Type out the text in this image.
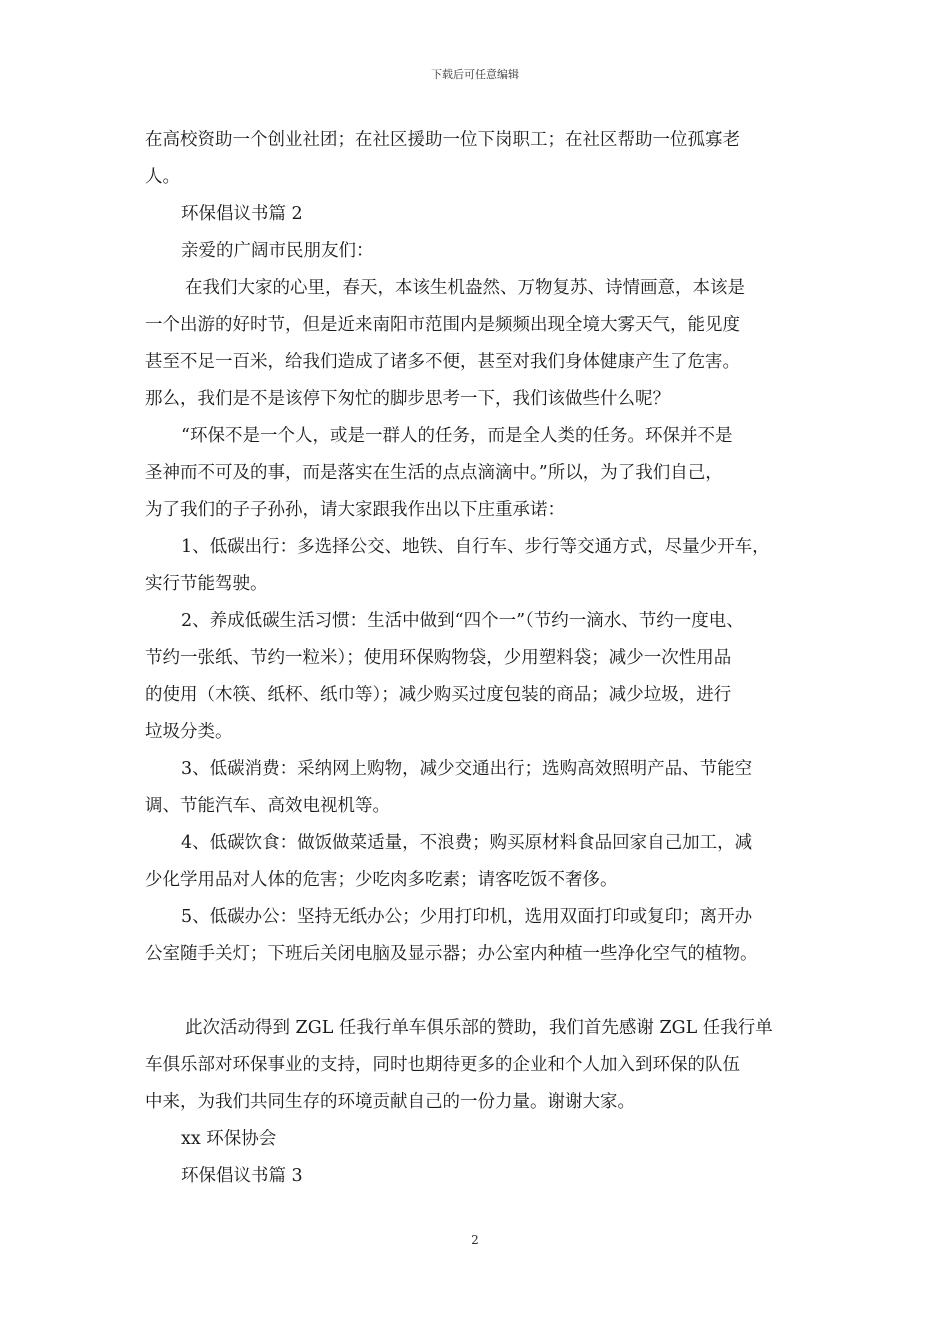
下载后可任意编辑
在高校资助一个创业社团；在社区援助一位下岗职工；在社区帮助一位孤寡老
人。
环保倡议书篇 2
亲爱的广阔市民朋友们：
在我们大家的心里，春天，本该生机盎然、万物复苏、诗情画意，本该是
一个出游的好时节，但是近来南阳市范围内是频频出现全境大雾天气，能见度
甚至不足一百米，给我们造成了诸多不便，甚至对我们身体健康产生了危害。
那么，我们是不是该停下匆忙的脚步思考一下，我们该做些什么呢？
“环保不是一个人，或是一群人的任务，而是全人类的任务。环保并不是
圣神而不可及的事，而是落实在生活的点点滴滴中。”所以，为了我们自己，
为了我们的子子孙孙，请大家跟我作出以下庄重承诺：
1、低碳出行：多选择公交、地铁、自行车、步行等交通方式，尽量少开车，
实行节能驾驶。
2、养成低碳生活习惯：生活中做到“四个一”（节约一滴水、节约一度电、
节约一张纸、节约一粒米）；使用环保购物袋，少用塑料袋；减少一次性用品
的使用（木筷、纸杯、纸巾等）；减少购买过度包装的商品；减少垃圾，进行
垃圾分类。
3、低碳消费：采纳网上购物，减少交通出行；选购高效照明产品、节能空
调、节能汽车、高效电视机等。
4、低碳饮食：做饭做菜适量，不浪费；购买原材料食品回家自己加工，减
少化学用品对人体的危害；少吃肉多吃素；请客吃饭不奢侈。
5、低碳办公：坚持无纸办公；少用打印机，选用双面打印或复印；离开办
公室随手关灯；下班后关闭电脑及显示器；办公室内种植一些净化空气的植物。
此次活动得到 ZGL 任我行单车俱乐部的赞助，我们首先感谢 ZGL 任我行单
车俱乐部对环保事业的支持，同时也期待更多的企业和个人加入到环保的队伍
中来，为我们共同生存的环境贡献自己的一份力量。谢谢大家。
xx 环保协会
环保倡议书篇 3
2
